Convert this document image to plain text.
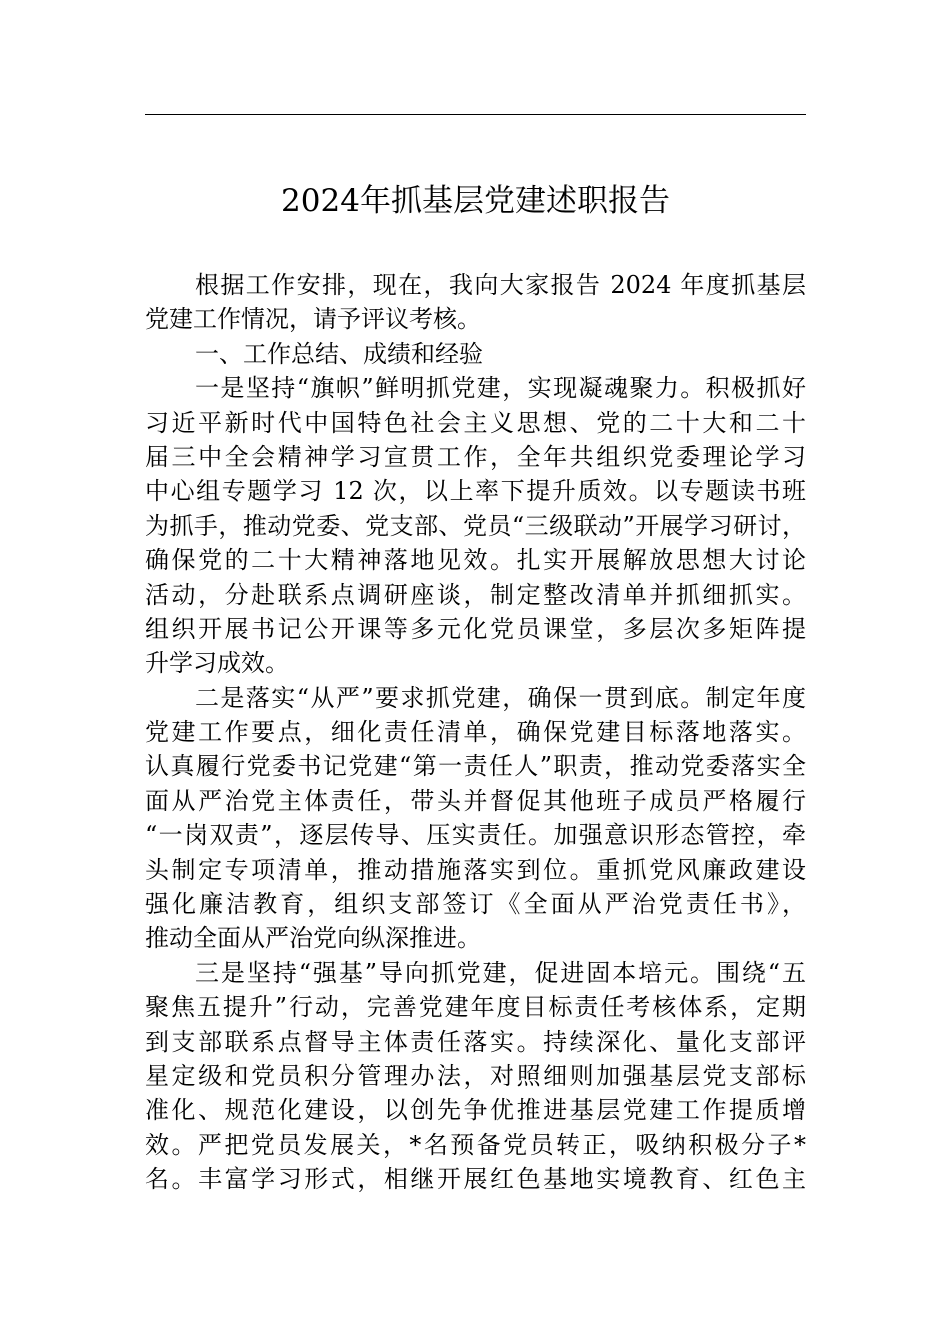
2024年抓基层党建述职报告
根据工作安排，现在，我向大家报告 2024 年度抓基层
党建工作情况，请予评议考核。
一、工作总结、成绩和经验
一是坚持“旗帜”鲜明抓党建，实现凝魂聚力。积极抓好
习近平新时代中国特色社会主义思想、党的二十大和二十
届三中全会精神学习宣贯工作，全年共组织党委理论学习
中心组专题学习 12 次，以上率下提升质效。以专题读书班
为抓手，推动党委、党支部、党员“三级联动”开展学习研讨，
确保党的二十大精神落地见效。扎实开展解放思想大讨论
活动，分赴联系点调研座谈，制定整改清单并抓细抓实。
组织开展书记公开课等多元化党员课堂，多层次多矩阵提
升学习成效。
二是落实“从严”要求抓党建，确保一贯到底。制定年度
党建工作要点，细化责任清单，确保党建目标落地落实。
认真履行党委书记党建“第一责任人”职责，推动党委落实全
面从严治党主体责任，带头并督促其他班子成员严格履行
“一岗双责”，逐层传导、压实责任。加强意识形态管控，牵
头制定专项清单，推动措施落实到位。重抓党风廉政建设
强化廉洁教育，组织支部签订《全面从严治党责任书》，
推动全面从严治党向纵深推进。
三是坚持“强基”导向抓党建，促进固本培元。围绕“五
聚焦五提升”行动，完善党建年度目标责任考核体系，定期
到支部联系点督导主体责任落实。持续深化、量化支部评
星定级和党员积分管理办法，对照细则加强基层党支部标
准化、规范化建设，以创先争优推进基层党建工作提质增
效。严把党员发展关，*名预备党员转正，吸纳积极分子*
名。丰富学习形式，相继开展红色基地实境教育、红色主
